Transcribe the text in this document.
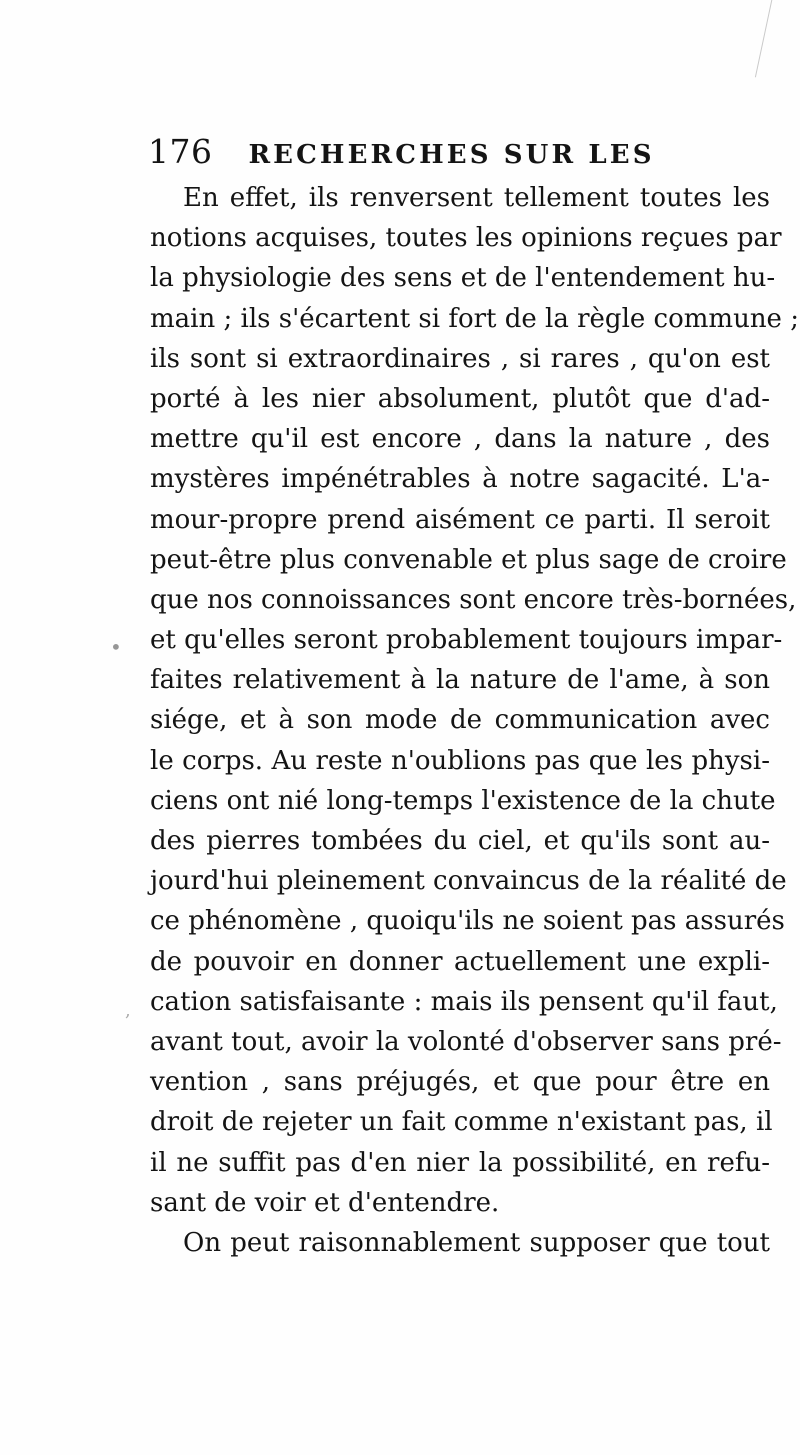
•
,
176 RECHERCHES SUR LES
En effet, ils renversent tellement toutes les
notions acquises, toutes les opinions reçues par
la physiologie des sens et de l'entendement hu-
main ; ils s'écartent si fort de la règle commune ;
ils sont si extraordinaires , si rares , qu'on est
porté à les nier absolument, plutôt que d'ad-
mettre qu'il est encore , dans la nature , des
mystères impénétrables à notre sagacité. L'a-
mour-propre prend aisément ce parti. Il seroit
peut-être plus convenable et plus sage de croire
que nos connoissances sont encore très-bornées,
et qu'elles seront probablement toujours impar-
faites relativement à la nature de l'ame, à son
siége, et à son mode de communication avec
le corps. Au reste n'oublions pas que les physi-
ciens ont nié long-temps l'existence de la chute
des pierres tombées du ciel, et qu'ils sont au-
jourd'hui pleinement convaincus de la réalité de
ce phénomène , quoiqu'ils ne soient pas assurés
de pouvoir en donner actuellement une expli-
cation satisfaisante : mais ils pensent qu'il faut,
avant tout, avoir la volonté d'observer sans pré-
vention , sans préjugés, et que pour être en
droit de rejeter un fait comme n'existant pas, il
il ne suffit pas d'en nier la possibilité, en refu-
sant de voir et d'entendre.
On peut raisonnablement supposer que tout
